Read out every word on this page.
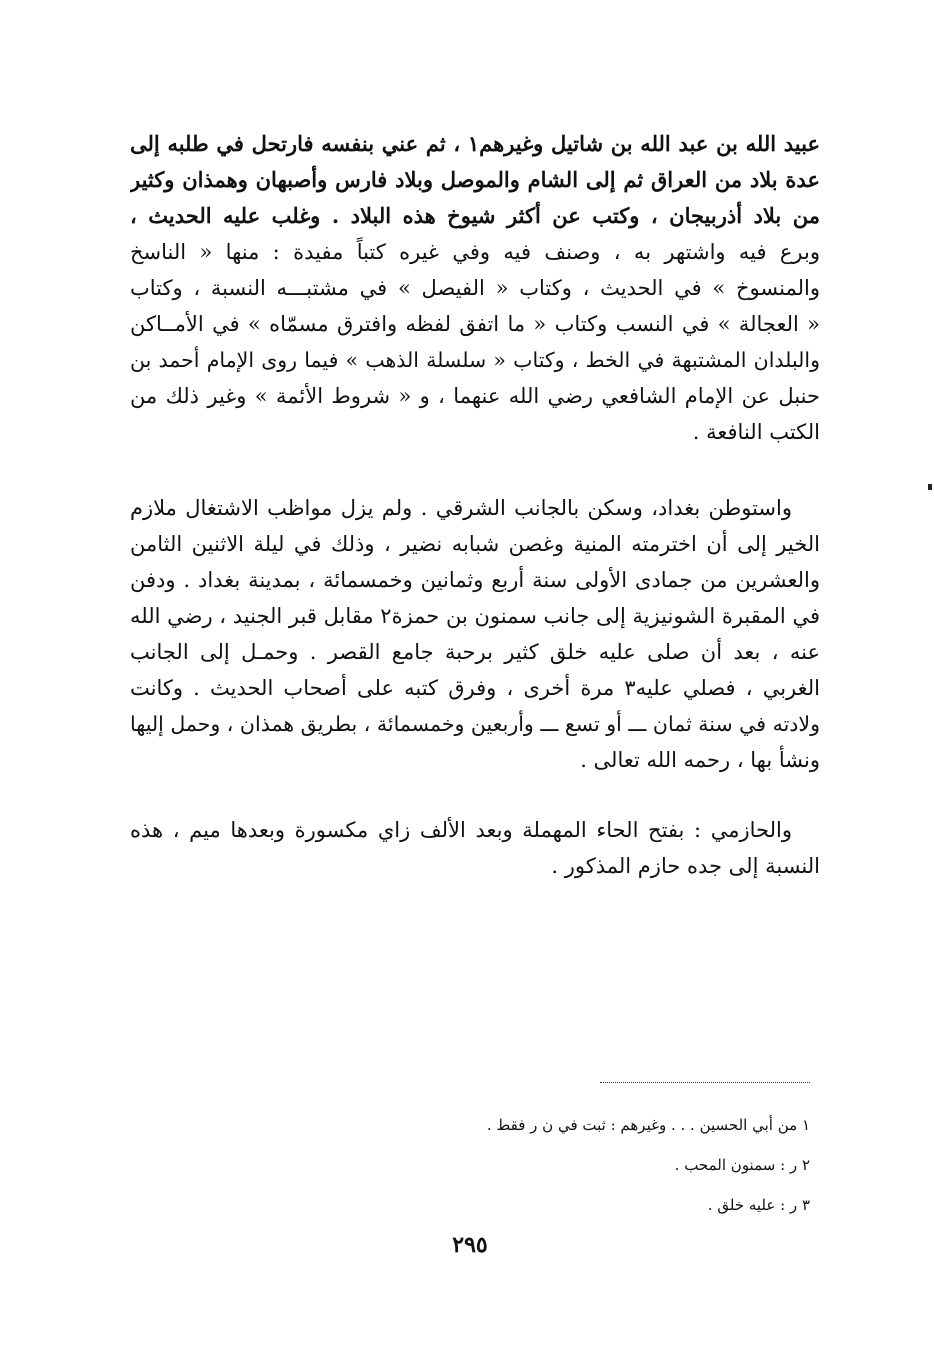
عبيد الله بن عبد الله بن شاتيل وغيرهم١ ، ثم عني بنفسه فارتحل في طلبه إلى
عدة بلاد من العراق ثم إلى الشام والموصل وبلاد فارس وأصبهان وهمذان وكثير
من بلاد أذربيجان ، وكتب عن أكثر شيوخ هذه البلاد . وغلب عليه الحديث ،
وبرع فيه واشتهر به ، وصنف فيه وفي غيره كتباً مفيدة : منها « الناسخ
والمنسوخ » في الحديث ، وكتاب « الفيصل » في مشتبـــه النسبة ، وكتاب
« العجالة » في النسب وكتاب « ما اتفق لفظه وافترق مسمّاه » في الأمــاكن
والبلدان المشتبهة في الخط ، وكتاب « سلسلة الذهب » فيما روى الإمام أحمد بن
حنبل عن الإمام الشافعي رضي الله عنهما ، و « شروط الأئمة » وغير ذلك من
الكتب النافعة .
واستوطن بغداد، وسكن بالجانب الشرقي . ولم يزل مواظب الاشتغال ملازم
الخير إلى أن اخترمته المنية وغصن شبابه نضير ، وذلك في ليلة الاثنين الثامن
والعشرين من جمادى الأولى سنة أربع وثمانين وخمسمائة ، بمدينة بغداد . ودفن
في المقبرة الشونيزية إلى جانب سمنون بن حمزة٢ مقابل قبر الجنيد ، رضي الله
عنه ، بعد أن صلى عليه خلق كثير برحبة جامع القصر . وحمـل إلى الجانب
الغربي ، فصلي عليه٣ مرة أخرى ، وفرق كتبه على أصحاب الحديث . وكانت
ولادته في سنة ثمان ـــ أو تسع ـــ وأربعين وخمسمائة ، بطريق همذان ، وحمل إليها
ونشأ بها ، رحمه الله تعالى .
والحازمي : بفتح الحاء المهملة وبعد الألف زاي مكسورة وبعدها ميم ، هذه
النسبة إلى جده حازم المذكور .
١ من أبي الحسين . . . وغيرهم : ثبت في ن ر فقط .
٢ ر : سمنون المحب .
٣ ر : عليه خلق .
٢٩٥
